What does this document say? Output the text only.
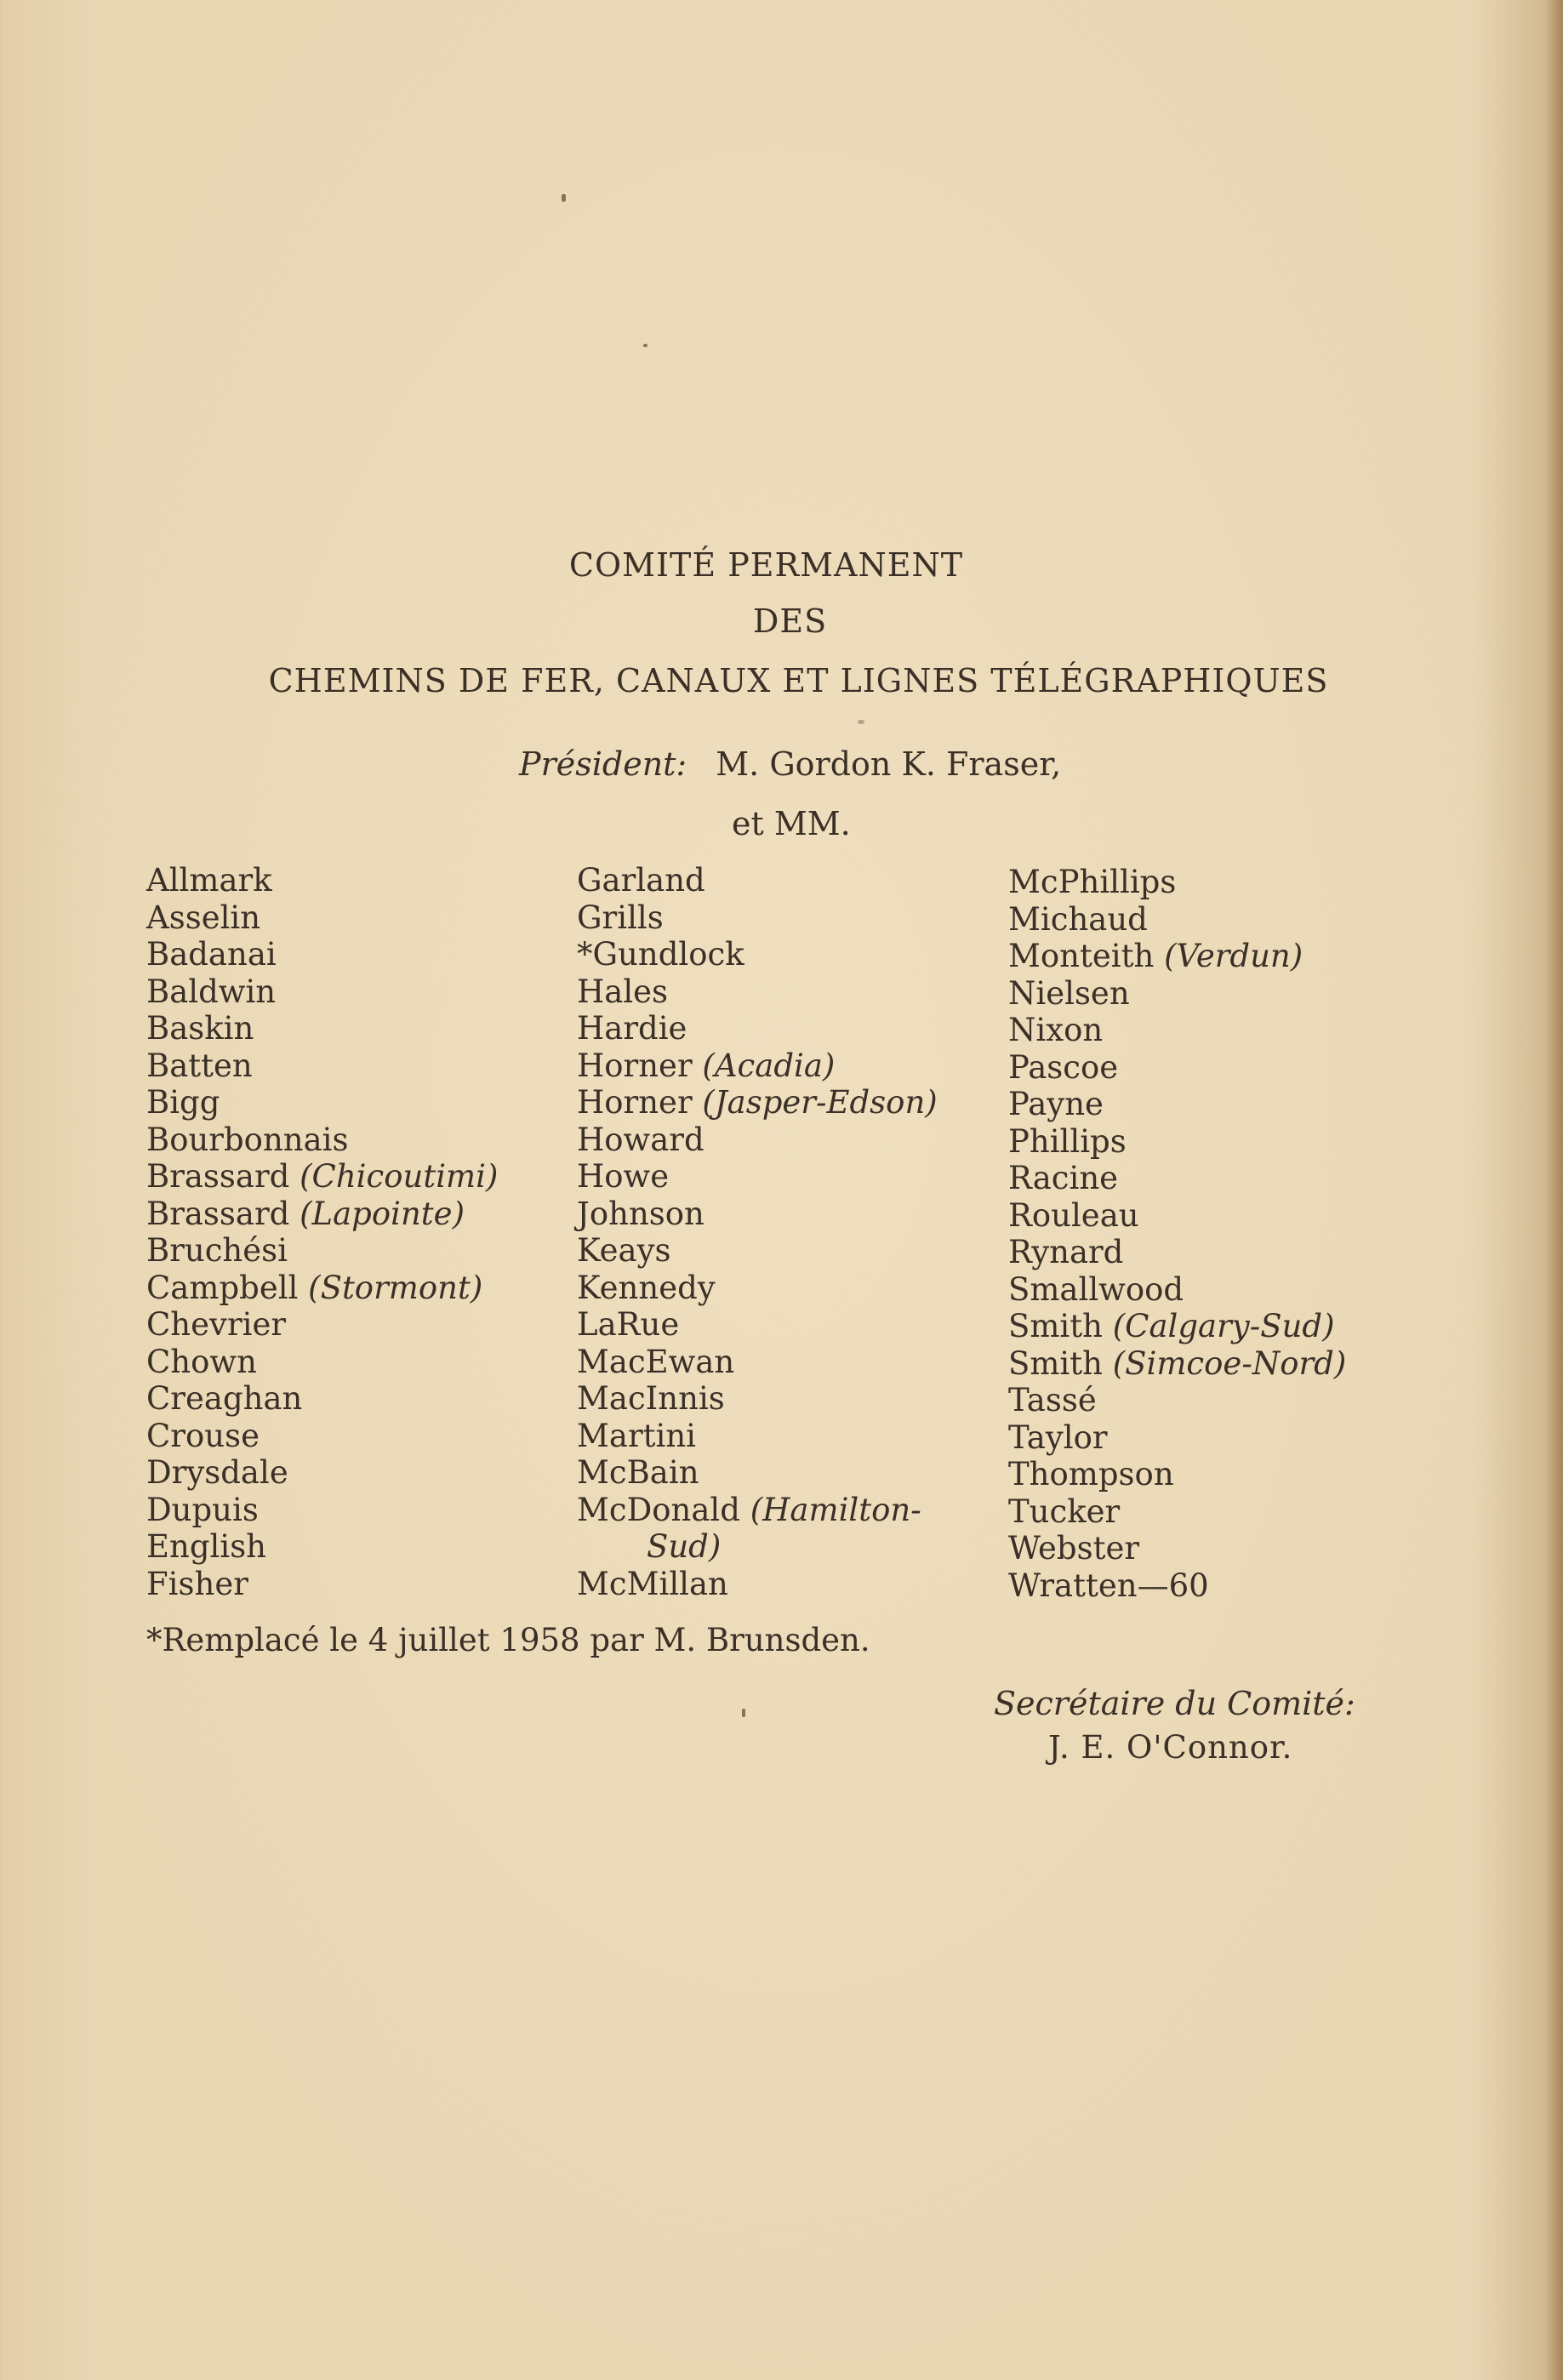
COMITÉ PERMANENT
DES
CHEMINS DE FER, CANAUX ET LIGNES TÉLÉGRAPHIQUES
Président: M. Gordon K. Fraser,
et MM.
Allmark
Asselin
Badanai
Baldwin
Baskin
Batten
Bigg
Bourbonnais
Brassard (Chicoutimi)
Brassard (Lapointe)
Bruchési
Campbell (Stormont)
Chevrier
Chown
Creaghan
Crouse
Drysdale
Dupuis
English
Fisher
Garland
Grills
*Gundlock
Hales
Hardie
Horner (Acadia)
Horner (Jasper-Edson)
Howard
Howe
Johnson
Keays
Kennedy
LaRue
MacEwan
MacInnis
Martini
McBain
McDonald (Hamilton-
Sud)
McMillan
McPhillips
Michaud
Monteith (Verdun)
Nielsen
Nixon
Pascoe
Payne
Phillips
Racine
Rouleau
Rynard
Smallwood
Smith (Calgary-Sud)
Smith (Simcoe-Nord)
Tassé
Taylor
Thompson
Tucker
Webster
Wratten—60
*Remplacé le 4 juillet 1958 par M. Brunsden.
Secrétaire du Comité:
J. E. O'Connor.
